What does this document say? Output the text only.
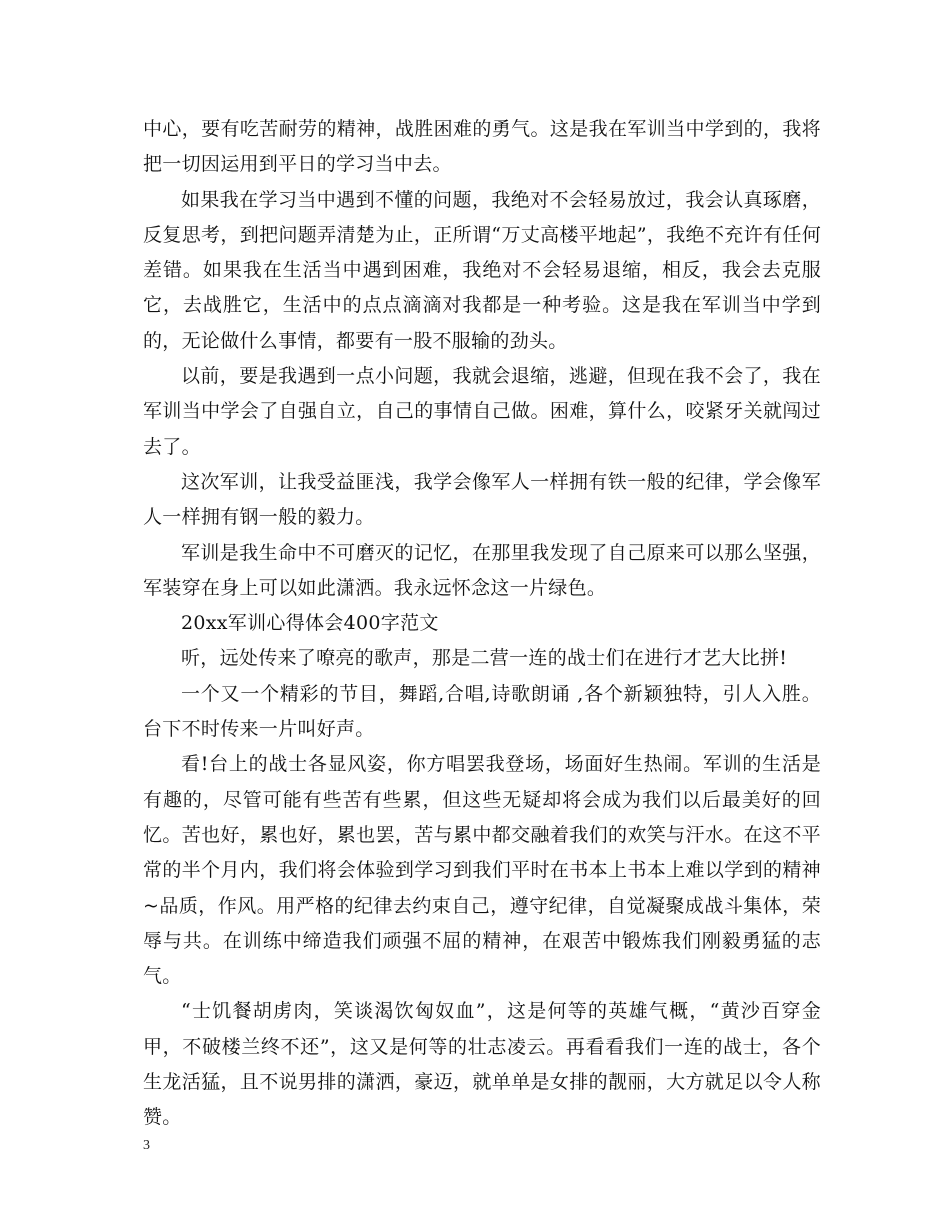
中心，要有吃苦耐劳的精神，战胜困难的勇气。这是我在军训当中学到的，我将把一切因运用到平日的学习当中去。

如果我在学习当中遇到不懂的问题，我绝对不会轻易放过，我会认真琢磨，反复思考，到把问题弄清楚为止，正所谓“万丈高楼平地起”，我绝不充许有任何差错。如果我在生活当中遇到困难，我绝对不会轻易退缩，相反，我会去克服它，去战胜它，生活中的点点滴滴对我都是一种考验。这是我在军训当中学到的，无论做什么事情，都要有一股不服输的劲头。

以前，要是我遇到一点小问题，我就会退缩，逃避，但现在我不会了，我在军训当中学会了自强自立，自己的事情自己做。困难，算什么，咬紧牙关就闯过去了。

这次军训，让我受益匪浅，我学会像军人一样拥有铁一般的纪律，学会像军人一样拥有钢一般的毅力。

军训是我生命中不可磨灭的记忆，在那里我发现了自己原来可以那么坚强，军装穿在身上可以如此潇洒。我永远怀念这一片绿色。

20xx军训心得体会400字范文

听，远处传来了嘹亮的歌声，那是二营一连的战士们在进行才艺大比拼!

一个又一个精彩的节目，舞蹈,合唱,诗歌朗诵 ,各个新颖独特，引人入胜。台下不时传来一片叫好声。

看!台上的战士各显风姿，你方唱罢我登场，场面好生热闹。军训的生活是有趣的，尽管可能有些苦有些累，但这些无疑却将会成为我们以后最美好的回忆。苦也好，累也好，累也罢，苦与累中都交融着我们的欢笑与汗水。在这不平常的半个月内，我们将会体验到学习到我们平时在书本上书本上难以学到的精神~品质，作风。用严格的纪律去约束自己，遵守纪律，自觉凝聚成战斗集体，荣辱与共。在训练中缔造我们顽强不屈的精神，在艰苦中锻炼我们刚毅勇猛的志气。

“士饥餐胡虏肉，笑谈渴饮匈奴血”，这是何等的英雄气概，“黄沙百穿金甲，不破楼兰终不还”，这又是何等的壮志凌云。再看看我们一连的战士，各个生龙活猛，且不说男排的潇洒，豪迈，就单单是女排的靓丽，大方就足以令人称赞。

3
